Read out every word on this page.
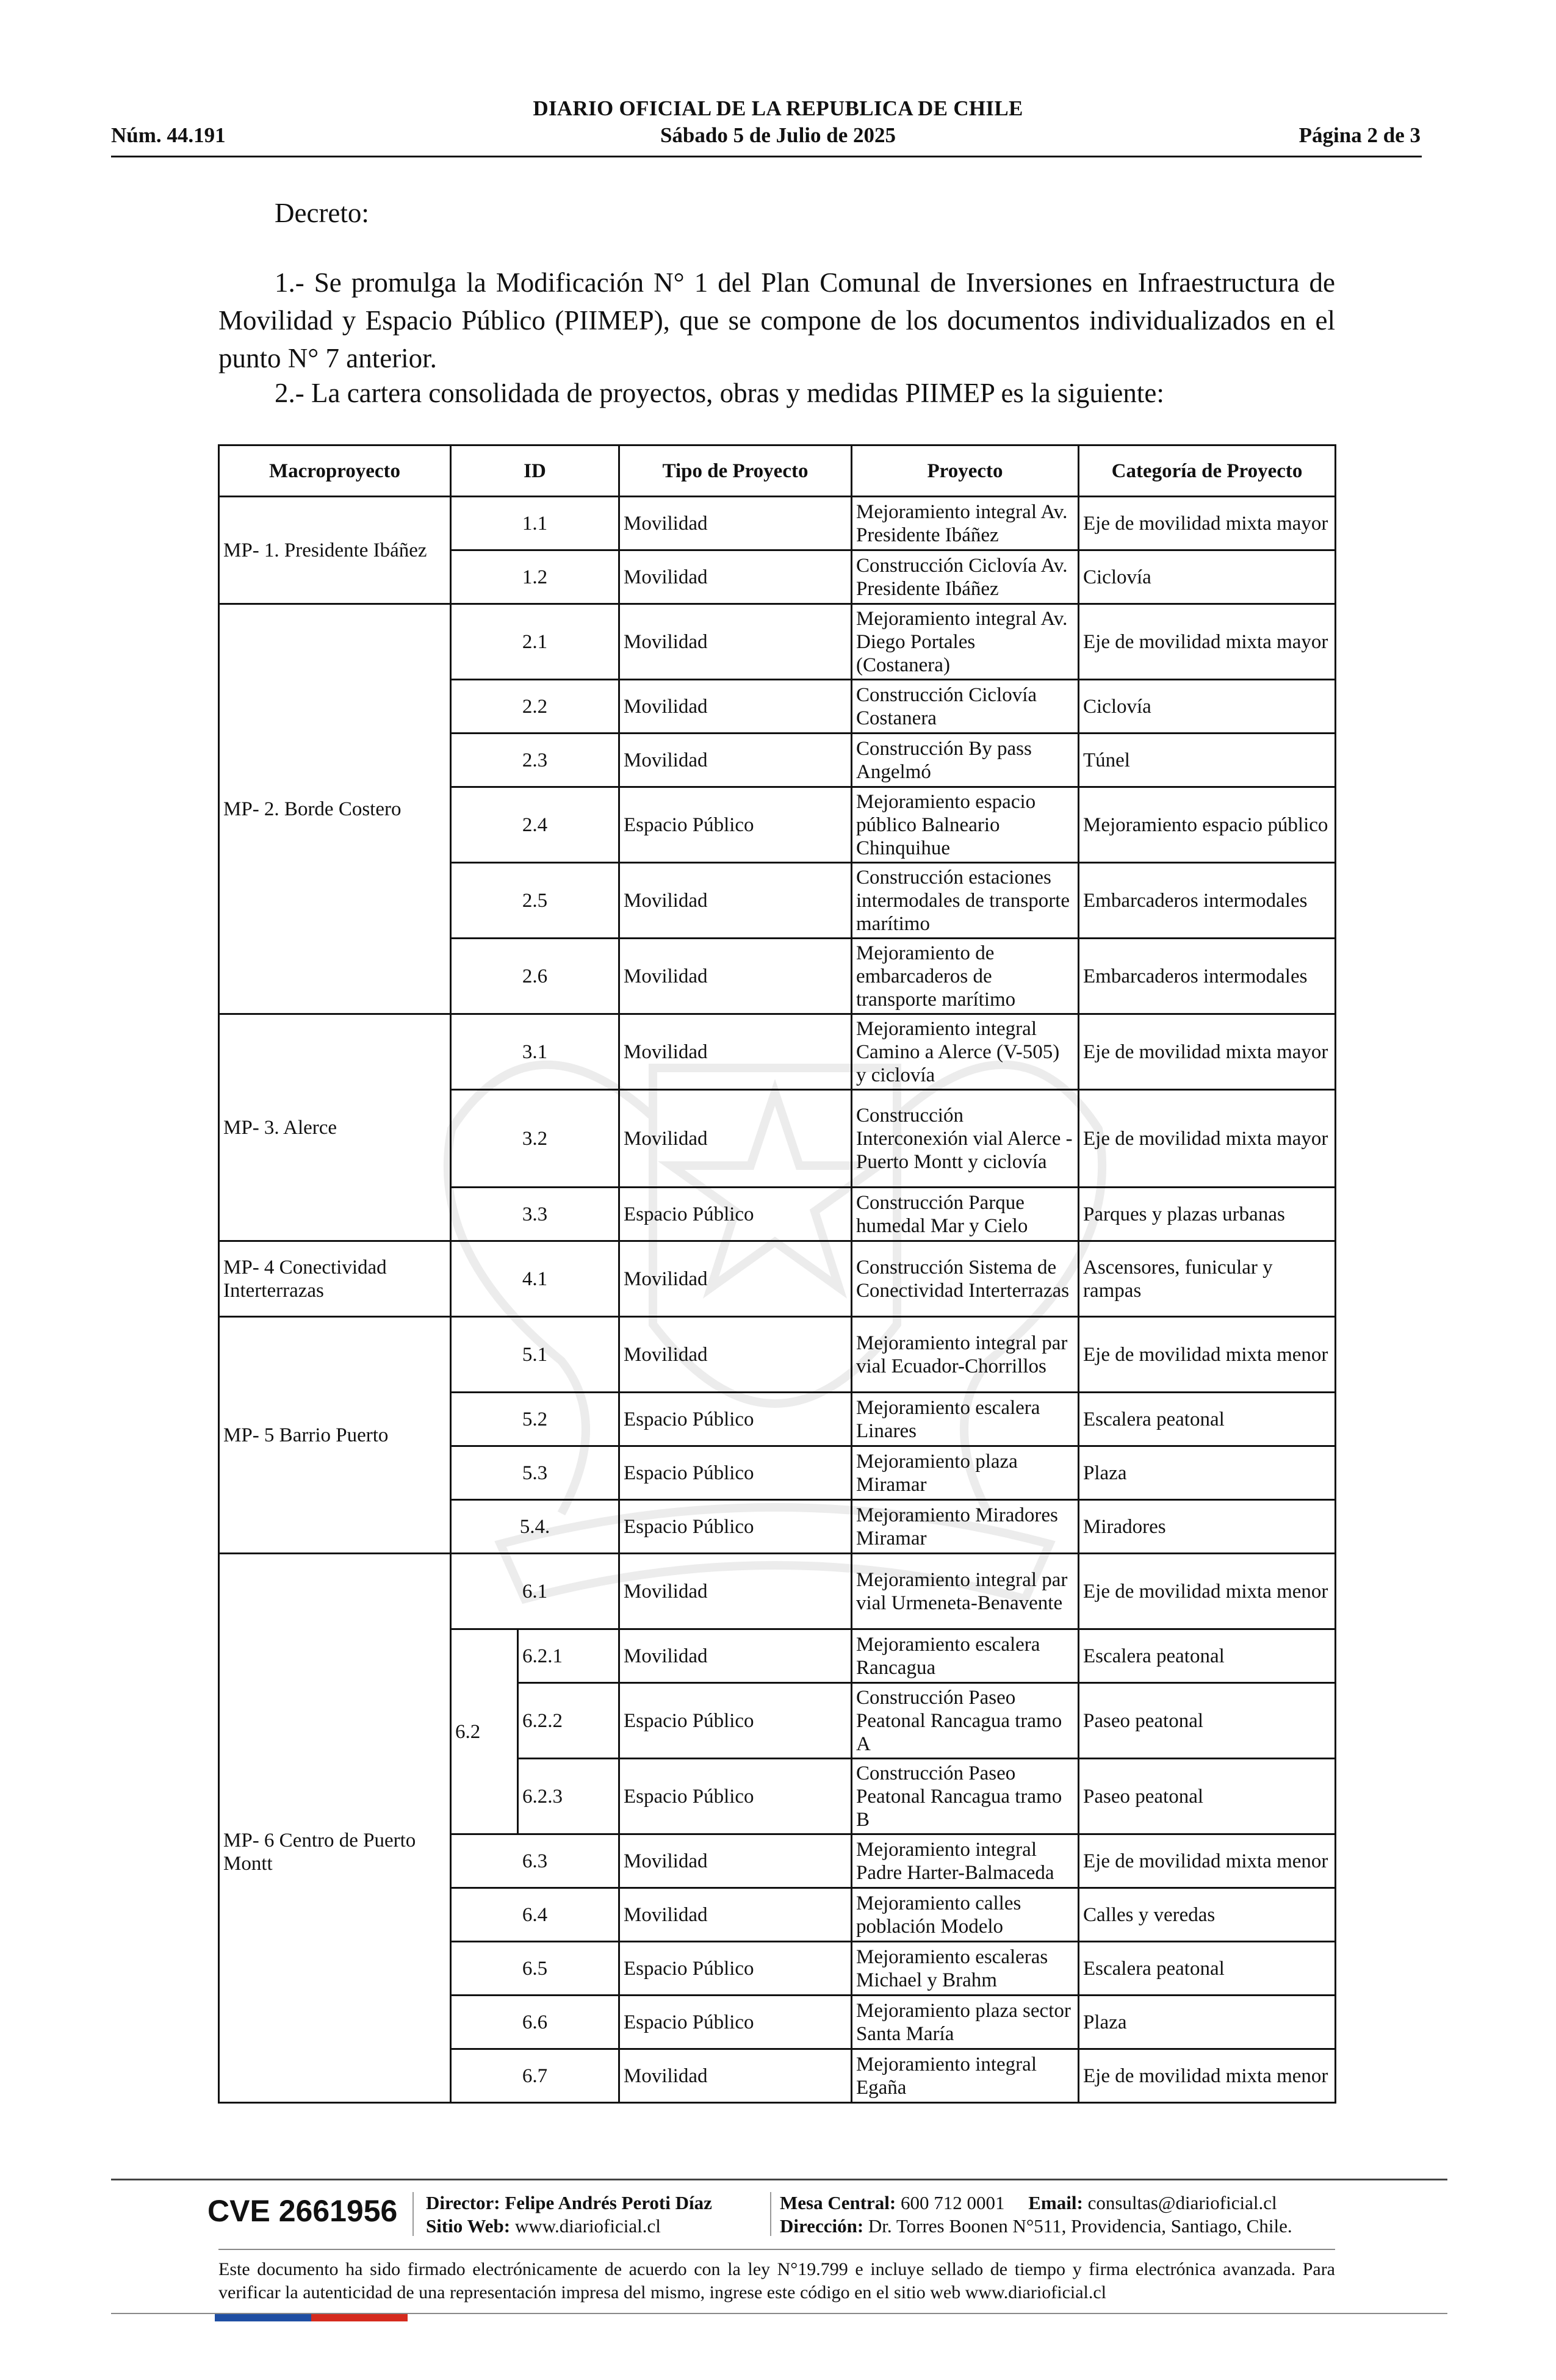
DIARIO OFICIAL DE LA REPUBLICA DE CHILE
Núm. 44.191	Sábado 5 de Julio de 2025	Página 2 de 3
Decreto:
1.- Se promulga la Modificación N° 1 del Plan Comunal de Inversiones en Infraestructura de Movilidad y Espacio Público (PIIMEP), que se compone de los documentos individualizados en el punto N° 7 anterior.
2.- La cartera consolidada de proyectos, obras y medidas PIIMEP es la siguiente:
Macroproyecto	ID		Tipo de Proyecto	Proyecto	Categoría de Proyecto
MP- 1. Presidente Ibáñez	1.1		Movilidad	Mejoramiento integral Av. Presidente Ibáñez	Eje de movilidad mixta mayor
	1.2		Movilidad	Construcción Ciclovía Av. Presidente Ibáñez	Ciclovía
MP- 2. Borde Costero	2.1		Movilidad	Mejoramiento integral Av. Diego Portales (Costanera)	Eje de movilidad mixta mayor
	2.2		Movilidad	Construcción Ciclovía Costanera	Ciclovía
	2.3		Movilidad	Construcción By pass Angelmó	Túnel
	2.4		Espacio Público	Mejoramiento espacio público Balneario Chinquihue	Mejoramiento espacio público
	2.5		Movilidad	Construcción estaciones intermodales de transporte marítimo	Embarcaderos intermodales
	2.6		Movilidad	Mejoramiento de embarcaderos de transporte marítimo	Embarcaderos intermodales
MP- 3. Alerce	3.1		Movilidad	Mejoramiento integral Camino a Alerce (V-505) y ciclovía	Eje de movilidad mixta mayor
	3.2		Movilidad	Construcción Interconexión vial Alerce - Puerto Montt y ciclovía	Eje de movilidad mixta mayor
	3.3		Espacio Público	Construcción Parque humedal Mar y Cielo	Parques y plazas urbanas
MP- 4 Conectividad Interterrazas	4.1		Movilidad	Construcción Sistema de Conectividad Interterrazas	Ascensores, funicular y rampas
MP- 5 Barrio Puerto	5.1		Movilidad	Mejoramiento integral par vial Ecuador-Chorrillos	Eje de movilidad mixta menor
	5.2		Espacio Público	Mejoramiento escalera Linares	Escalera peatonal
	5.3		Espacio Público	Mejoramiento plaza Miramar	Plaza
	5.4.		Espacio Público	Mejoramiento Miradores Miramar	Miradores
MP- 6 Centro de Puerto Montt	6.1		Movilidad	Mejoramiento integral par vial Urmeneta-Benavente	Eje de movilidad mixta menor
	6.2	6.2.1	Movilidad	Mejoramiento escalera Rancagua	Escalera peatonal
		6.2.2	Espacio Público	Construcción Paseo Peatonal Rancagua tramo A	Paseo peatonal
		6.2.3	Espacio Público	Construcción Paseo Peatonal Rancagua tramo B	Paseo peatonal
	6.3		Movilidad	Mejoramiento integral Padre Harter-Balmaceda	Eje de movilidad mixta menor
	6.4		Movilidad	Mejoramiento calles población Modelo	Calles y veredas
	6.5		Espacio Público	Mejoramiento escaleras Michael y Brahm	Escalera peatonal
	6.6		Espacio Público	Mejoramiento plaza sector Santa María	Plaza
	6.7		Movilidad	Mejoramiento integral Egaña	Eje de movilidad mixta menor
CVE 2661956 Director: Felipe Andrés Peroti Díaz
Sitio Web: www.diarioficial.cl
Mesa Central: 600 712 0001 Email: consultas@diarioficial.cl
Dirección: Dr. Torres Boonen N°511, Providencia, Santiago, Chile.
Este documento ha sido firmado electrónicamente de acuerdo con la ley N°19.799 e incluye sellado de tiempo y firma electrónica avanzada. Para verificar la autenticidad de una representación impresa del mismo, ingrese este código en el sitio web www.diarioficial.cl
